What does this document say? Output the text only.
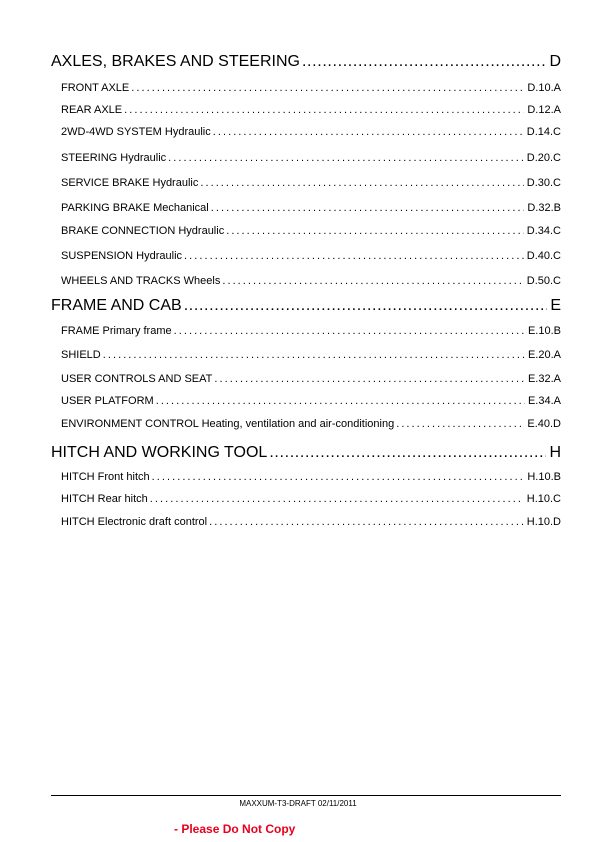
AXLES, BRAKES AND STEERING . . .	D
FRONT AXLE . . .	D.10.A
REAR AXLE . . .	D.12.A
2WD-4WD SYSTEM Hydraulic . . .	D.14.C
STEERING Hydraulic . . .	D.20.C
SERVICE BRAKE Hydraulic . . .	D.30.C
PARKING BRAKE Mechanical . . .	D.32.B
BRAKE CONNECTION Hydraulic . . .	D.34.C
SUSPENSION Hydraulic . . .	D.40.C
WHEELS AND TRACKS Wheels . . .	D.50.C
FRAME AND CAB . . .	E
FRAME Primary frame . . .	E.10.B
SHIELD . . .	E.20.A
USER CONTROLS AND SEAT . . .	E.32.A
USER PLATFORM . . .	E.34.A
ENVIRONMENT CONTROL Heating, ventilation and air-conditioning . . .	E.40.D
HITCH AND WORKING TOOL . . .	H
HITCH Front hitch . . .	H.10.B
HITCH Rear hitch . . .	H.10.C
HITCH Electronic draft control . . .	H.10.D
MAXXUM-T3-DRAFT 02/11/2011
- Please Do Not Copy
